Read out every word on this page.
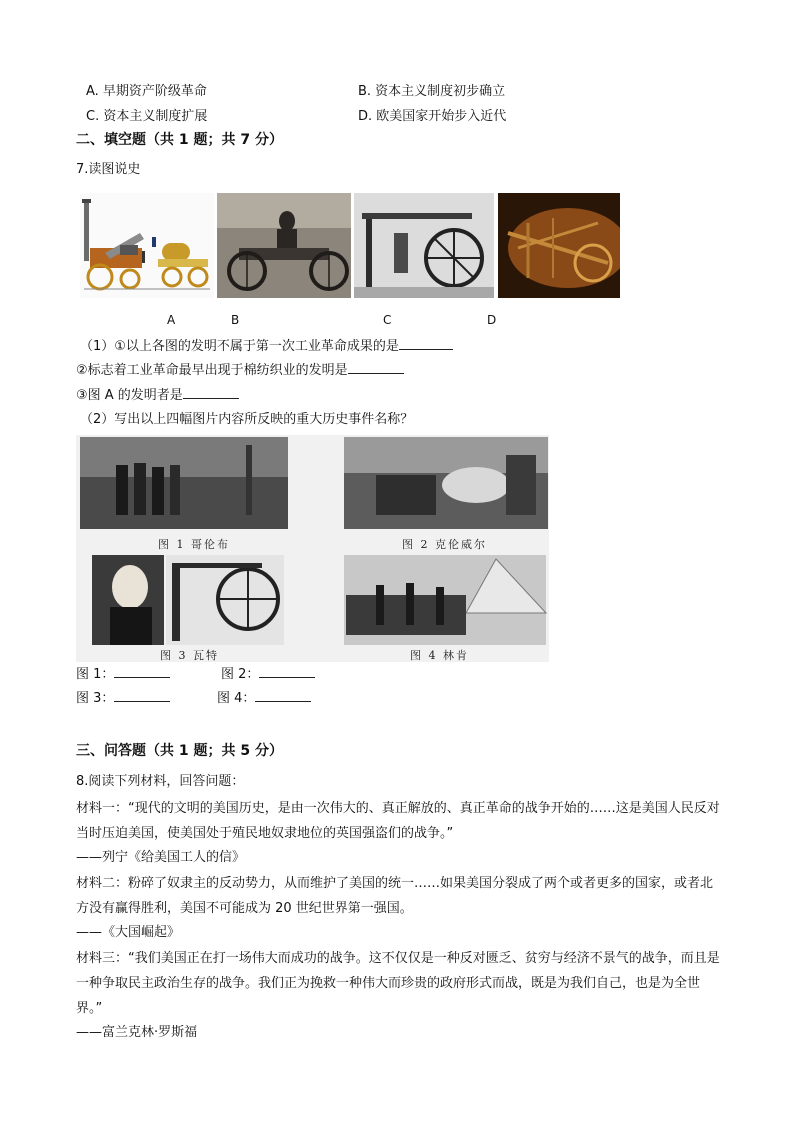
A. 早期资产阶级革命	B. 资本主义制度初步确立
C. 资本主义制度扩展	D. 欧美国家开始步入近代
二、填空题（共 1 题；共 7 分）
7.读图说史
A	B	C	D
（1）①以上各图的发明不属于第一次工业革命成果的是
②标志着工业革命最早出现于棉纺织业的发明是
③图 A 的发明者是
（2）写出以上四幅图片内容所反映的重大历史事件名称？
图 1 哥伦布	图 2 克伦威尔
图 3 瓦特	图 4 林肯
图 1：	图 2：
图 3：	图 4：
三、问答题（共 1 题；共 5 分）
8.阅读下列材料，回答问题：
材料一：“现代的文明的美国历史，是由一次伟大的、真正解放的、真正革命的战争开始的……这是美国人民反对当时压迫美国，使美国处于殖民地奴隶地位的英国强盗们的战争。”
——列宁《给美国工人的信》
材料二：粉碎了奴隶主的反动势力，从而维护了美国的统一……如果美国分裂成了两个或者更多的国家，或者北方没有赢得胜利，美国不可能成为 20 世纪世界第一强国。
——《大国崛起》
材料三：“我们美国正在打一场伟大而成功的战争。这不仅仅是一种反对匮乏、贫穷与经济不景气的战争，而且是一种争取民主政治生存的战争。我们正为挽救一种伟大而珍贵的政府形式而战，既是为我们自己，也是为全世界。”
——富兰克林·罗斯福
